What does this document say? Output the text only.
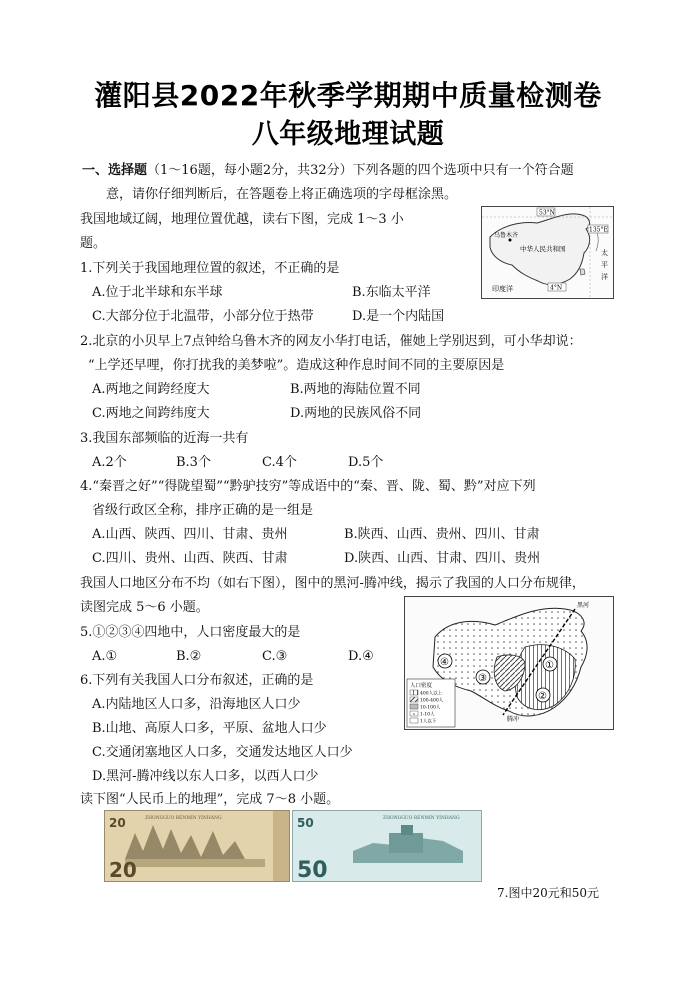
灌阳县2022年秋季学期期中质量检测卷
八年级地理试题
一、选择题（1～16题，每小题2分，共32分）下列各题的四个选项中只有一个符合题
意，请你仔细判断后，在答题卷上将正确选项的字母框涂黑。
我国地域辽阔，地理位置优越，读右下图，完成 1～3 小
题。
53°N
135°E
乌鲁木齐
中华人民共和国
印度洋
太
平
洋
4°N
1.下列关于我国地理位置的叙述，不正确的是
A.位于北半球和东半球	B.东临太平洋
C.大部分位于北温带，小部分位于热带	D.是一个内陆国
2.北京的小贝早上7点钟给乌鲁木齐的网友小华打电话，催她上学别迟到，可小华却说：
“上学还早哩，你打扰我的美梦啦”。造成这种作息时间不同的主要原因是
A.两地之间跨经度大	B.两地的海陆位置不同
C.两地之间跨纬度大	D.两地的民族风俗不同
3.我国东部频临的近海一共有
A.2个	B.3个	C.4个	D.5个
4.“秦晋之好”“得陇望蜀”“黔驴技穷”等成语中的“秦、晋、陇、蜀、黔”对应下列
省级行政区全称，排序正确的是一组是
A.山西、陕西、四川、甘肃、贵州	B.陕西、山西、贵州、四川、甘肃
C.四川、贵州、山西、陕西、甘肃	D.陕西、山西、甘肃、四川、贵州
我国人口地区分布不均（如右下图），图中的黑河-腾冲线，揭示了我国的人口分布规律，
读图完成 5～6 小题。	黑河
腾冲
①
②
③
④
人口密度
400人以上
100-400人
10-100人
1-10人
1人以下
5.①②③④四地中，人口密度最大的是
A.①	B.②	C.③	D.④
6.下列有关我国人口分布叙述，正确的是
A.内陆地区人口多，沿海地区人口少
B.山地、高原人口多，平原、盆地人口少
C.交通闭塞地区人口多，交通发达地区人口少
D.黑河-腾冲线以东人口多，以西人口少
读下图“人民币上的地理”，完成 7～8 小题。
ZHONGGUO RENMIN YINHANG
20
20	ZHONGGUO RENMIN YINHANG
50
50
7.图中20元和50元
